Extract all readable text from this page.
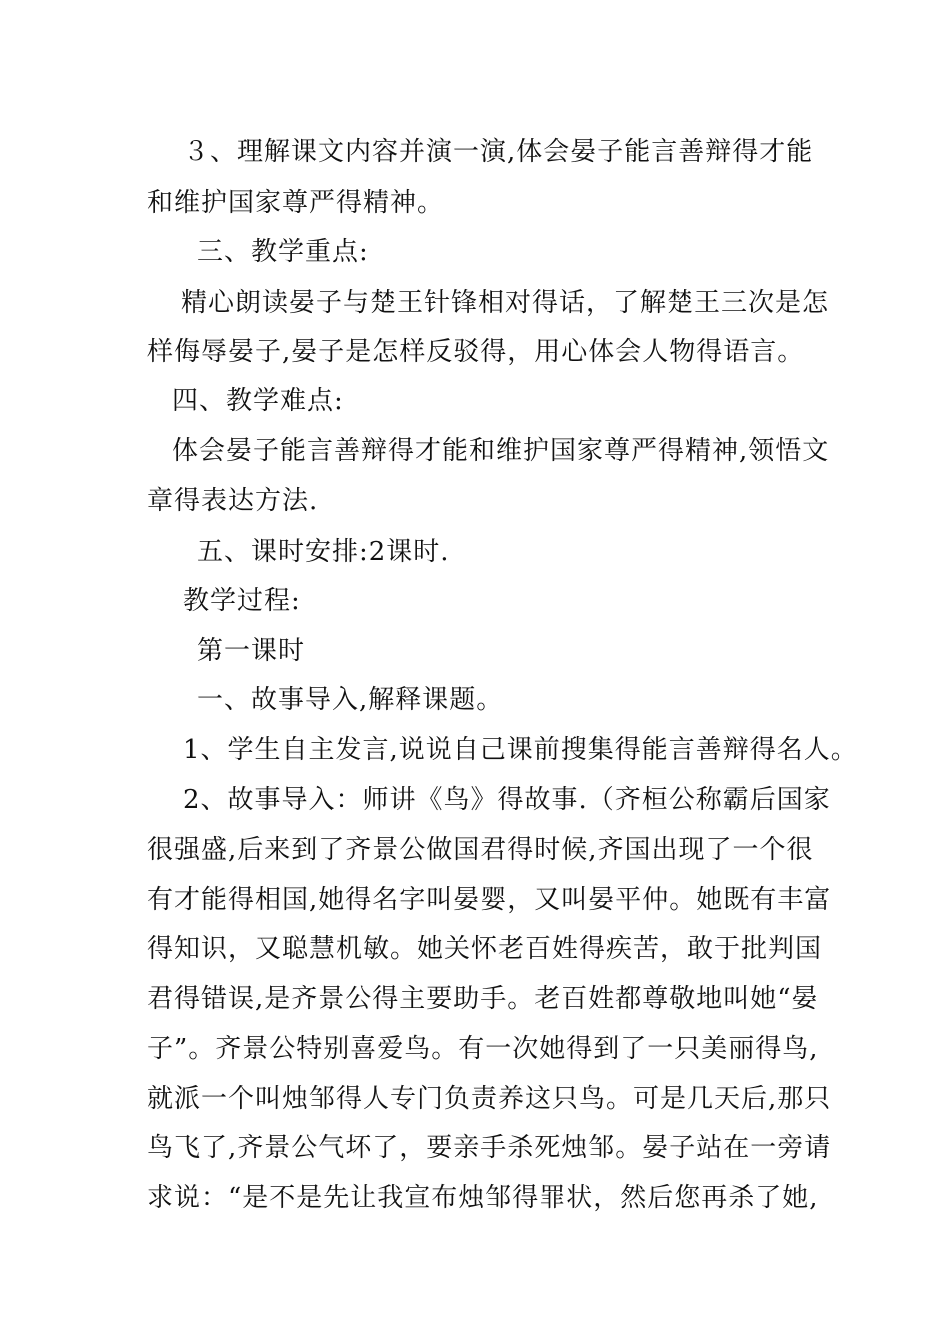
３、理解课文内容并演一演,体会晏子能言善辩得才能
和维护国家尊严得精神。
三、教学重点:
精心朗读晏子与楚王针锋相对得话，了解楚王三次是怎
样侮辱晏子,晏子是怎样反驳得，用心体会人物得语言。
四、教学难点:
体会晏子能言善辩得才能和维护国家尊严得精神,领悟文
章得表达方法.
五、课时安排:2课时.
教学过程:
第一课时
一、故事导入,解释课题。
1、学生自主发言,说说自己课前搜集得能言善辩得名人。
2、故事导入：师讲《鸟》得故事.（齐桓公称霸后国家
很强盛,后来到了齐景公做国君得时候,齐国出现了一个很
有才能得相国,她得名字叫晏婴，又叫晏平仲。她既有丰富
得知识，又聪慧机敏。她关怀老百姓得疾苦，敢于批判国
君得错误,是齐景公得主要助手。老百姓都尊敬地叫她“晏
子”。齐景公特别喜爱鸟。有一次她得到了一只美丽得鸟,
就派一个叫烛邹得人专门负责养这只鸟。可是几天后,那只
鸟飞了,齐景公气坏了，要亲手杀死烛邹。晏子站在一旁请
求说：“是不是先让我宣布烛邹得罪状，然后您再杀了她,
